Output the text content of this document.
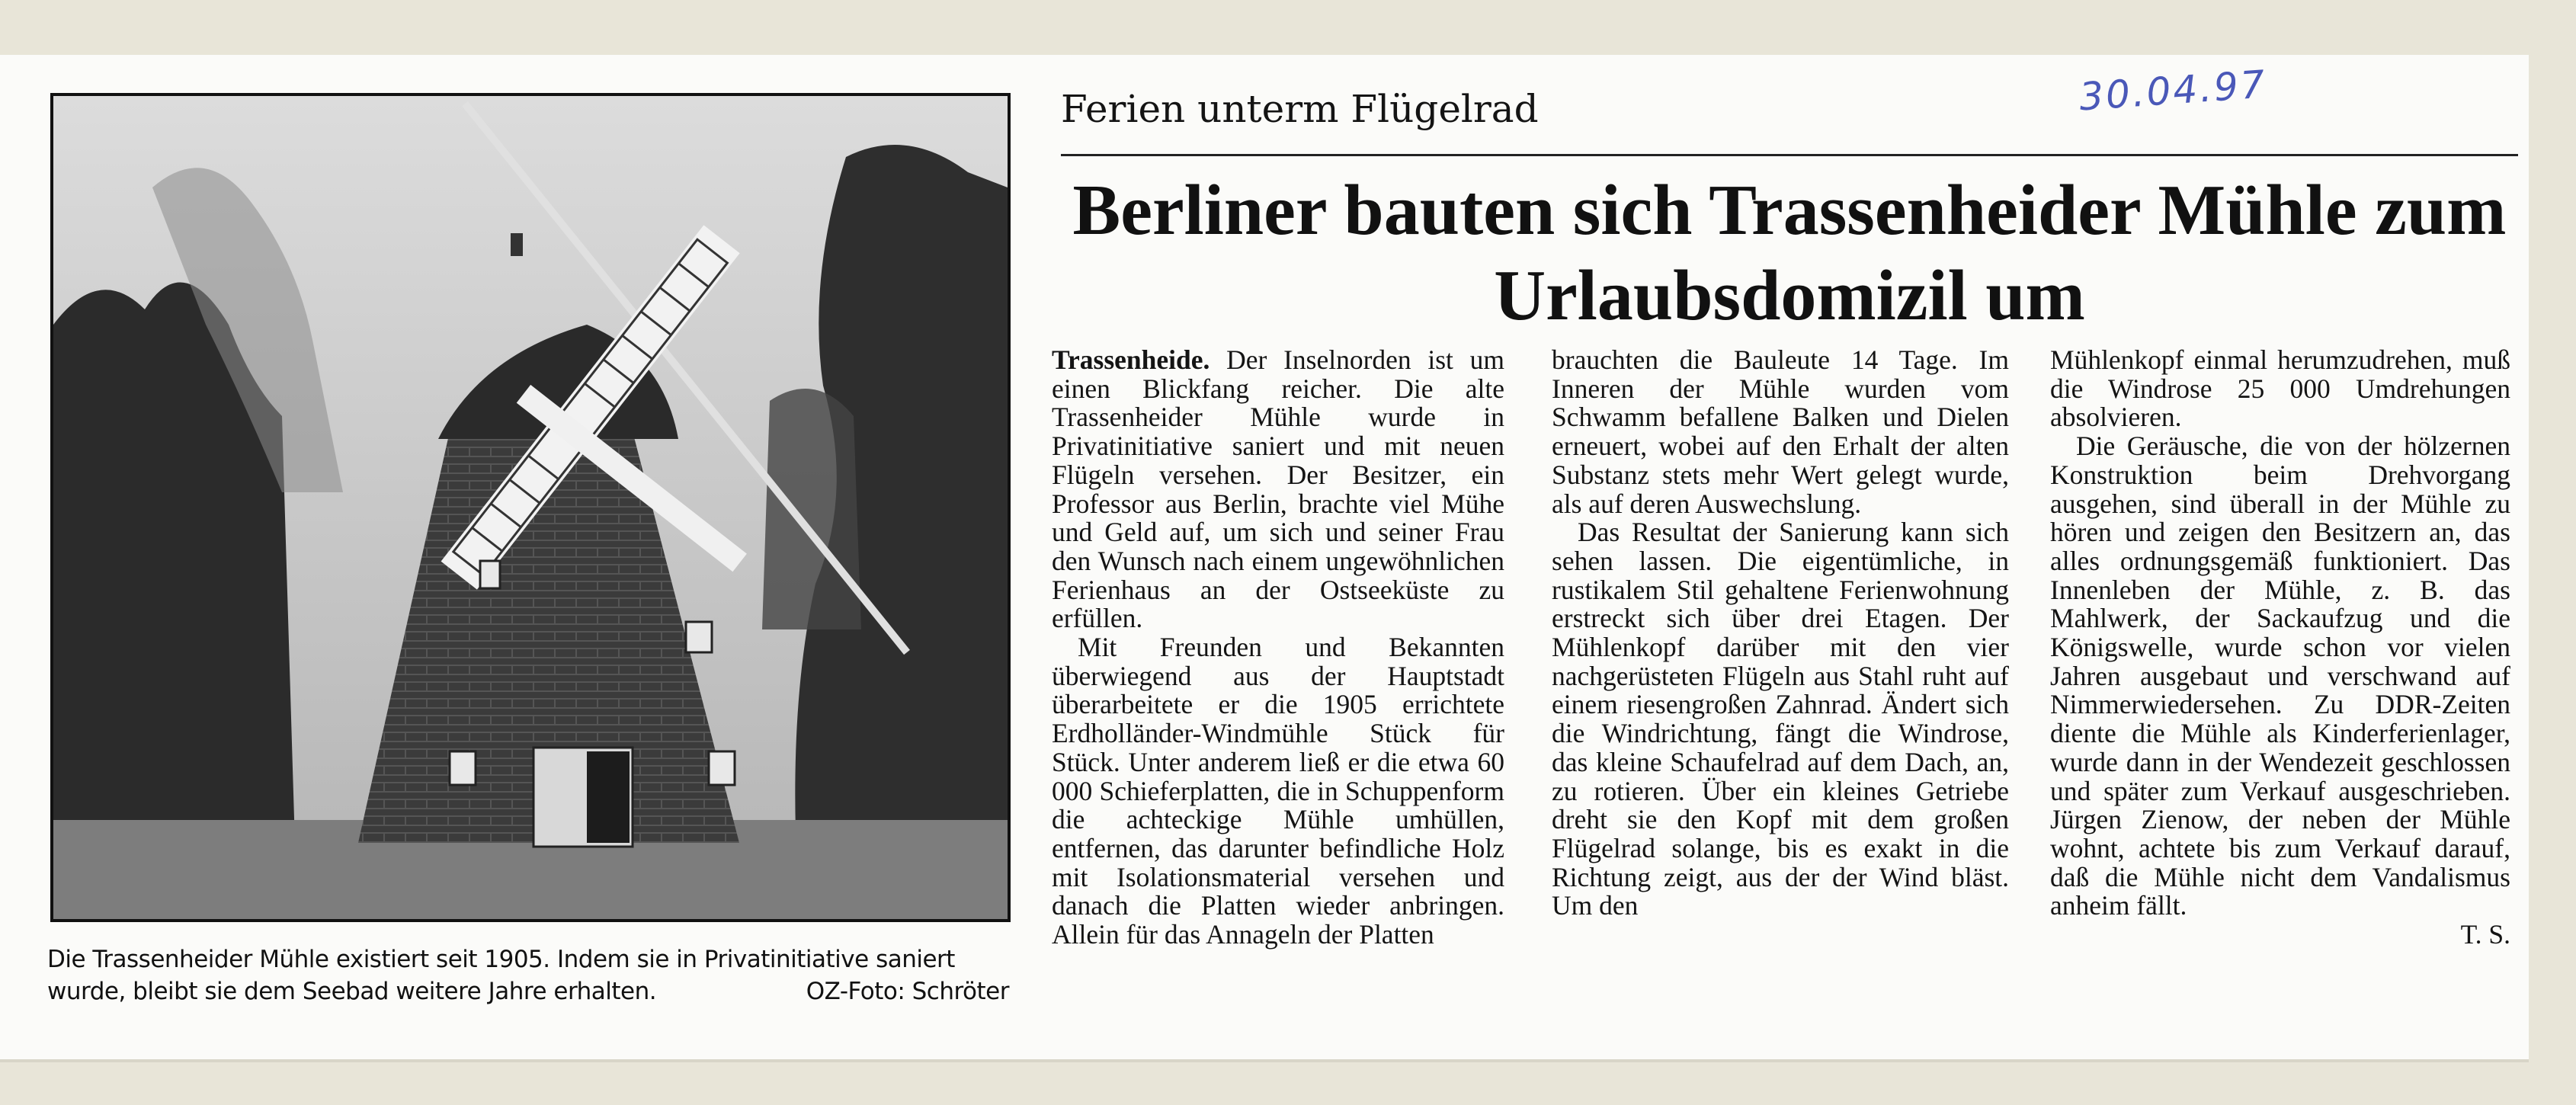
Die Trassenheider Mühle existiert seit 1905. Indem sie in Privatinitiative saniert
wurde, bleibt sie dem Seebad weitere Jahre erhalten.	OZ-Foto: Schröter
Ferien unterm Flügelrad	30.04.97
Berliner bauten sich Trassenheider Mühle zum Urlaubsdomizil um

Trassenheide. Der Inselnorden ist um einen Blickfang reicher. Die alte Trassenheider Mühle wurde in Privatinitiative saniert und mit neuen Flügeln versehen. Der Besitzer, ein Professor aus Berlin, brachte viel Mühe und Geld auf, um sich und seiner Frau den Wunsch nach einem ungewöhnlichen Ferienhaus an der Ostseeküste zu erfüllen.

Mit Freunden und Bekannten überwiegend aus der Hauptstadt überarbeitete er die 1905 errichtete Erdholländer-Windmühle Stück für Stück. Unter anderem ließ er die etwa 60 000 Schieferplatten, die in Schuppenform die achteckige Mühle umhüllen, entfernen, das darunter befindliche Holz mit Isolationsmaterial versehen und danach die Platten wieder anbringen. Allein für das Annageln der Platten

brauchten die Bauleute 14 Tage. Im Inneren der Mühle wurden vom Schwamm befallene Balken und Dielen erneuert, wobei auf den Erhalt der alten Substanz stets mehr Wert gelegt wurde, als auf deren Auswechslung.

Das Resultat der Sanierung kann sich sehen lassen. Die eigentümliche, in rustikalem Stil gehaltene Ferienwohnung erstreckt sich über drei Etagen. Der Mühlenkopf darüber mit den vier nachgerüsteten Flügeln aus Stahl ruht auf einem riesengroßen Zahnrad. Ändert sich die Windrichtung, fängt die Windrose, das kleine Schaufelrad auf dem Dach, an, zu rotieren. Über ein kleines Getriebe dreht sie den Kopf mit dem großen Flügelrad solange, bis es exakt in die Richtung zeigt, aus der der Wind bläst. Um den

Mühlenkopf einmal herumzudrehen, muß die Windrose 25 000 Umdrehungen absolvieren.

Die Geräusche, die von der hölzernen Konstruktion beim Drehvorgang ausgehen, sind überall in der Mühle zu hören und zeigen den Besitzern an, das alles ordnungsgemäß funktioniert. Das Innenleben der Mühle, z. B. das Mahlwerk, der Sackaufzug und die Königswelle, wurde schon vor vielen Jahren ausgebaut und verschwand auf Nimmerwiedersehen. Zu DDR-Zeiten diente die Mühle als Kinderferienlager, wurde dann in der Wendezeit geschlossen und später zum Verkauf ausgeschrieben. Jürgen Zienow, der neben der Mühle wohnt, achtete bis zum Verkauf darauf, daß die Mühle nicht dem Vandalismus anheim fällt.

T. S.
